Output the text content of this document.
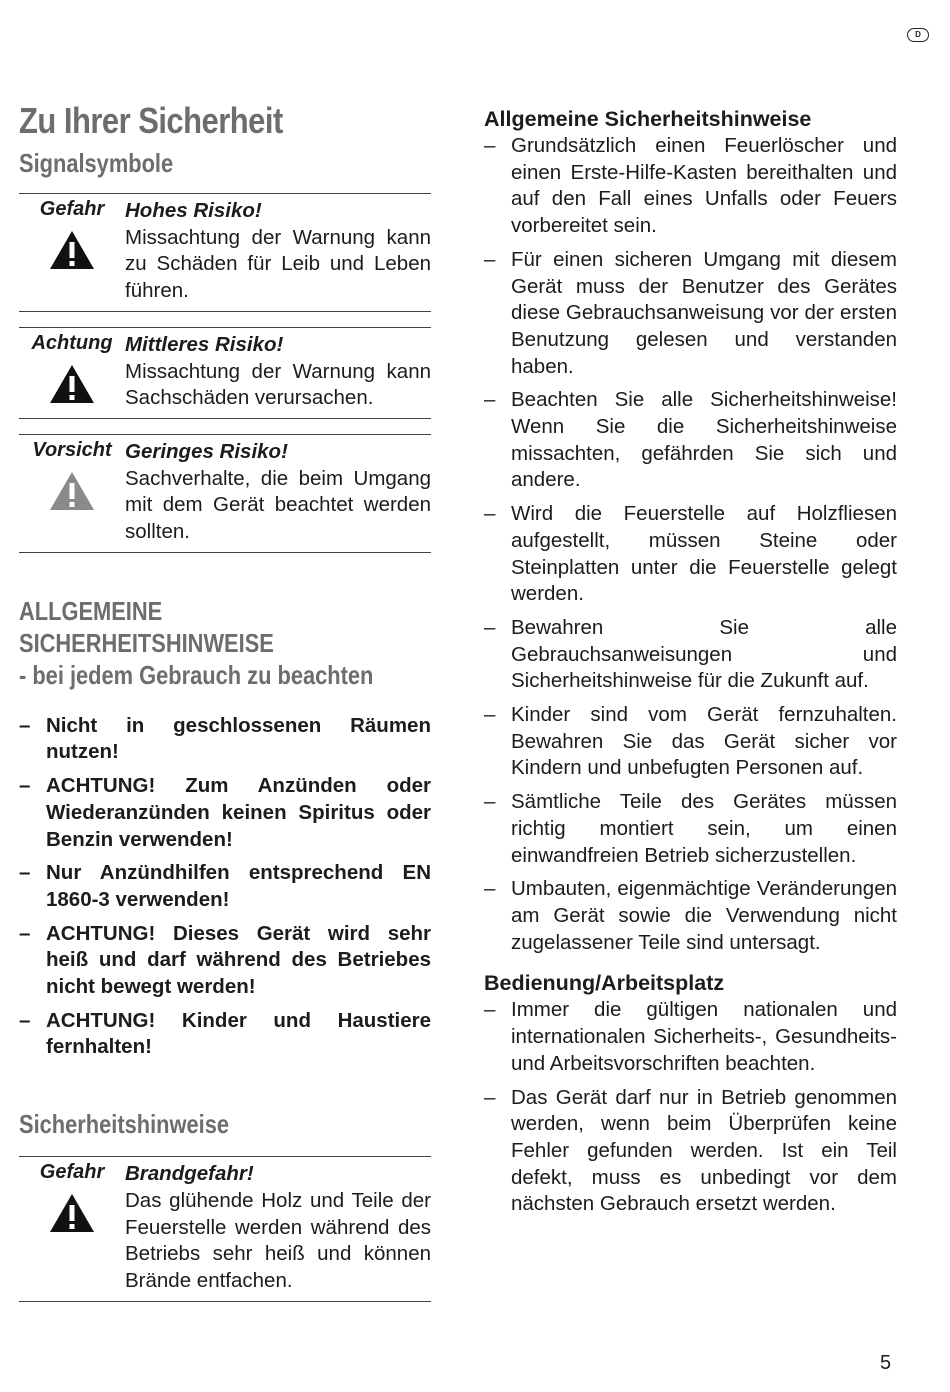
D
Zu Ihrer Sicherheit
Signalsymbole
Gefahr Hohes Risiko!
Missachtung der Warnung kann zu Schäden für Leib und Leben führen.
Achtung Mittleres Risiko!
Missachtung der Warnung kann Sachschäden verursachen.
Vorsicht Geringes Risiko!
Sachverhalte, die beim Umgang mit dem Gerät beachtet werden sollten.
ALLGEMEINE
SICHERHEITSHINWEISE
- bei jedem Gebrauch zu beachten
– Nicht in geschlossenen Räumen nutzen!
– ACHTUNG! Zum Anzünden oder Wiederanzünden keinen Spiritus oder Benzin verwenden!
– Nur Anzündhilfen entsprechend EN 1860-3 verwenden!
– ACHTUNG! Dieses Gerät wird sehr heiß und darf während des Betriebes nicht bewegt werden!
– ACHTUNG! Kinder und Haustiere fernhalten!
Sicherheitshinweise
Gefahr Brandgefahr!
Das glühende Holz und Teile der Feuerstelle werden während des Betriebs sehr heiß und können Brände entfachen.
Allgemeine Sicherheitshinweise
– Grundsätzlich einen Feuerlöscher und einen Erste-Hilfe-Kasten bereithalten und auf den Fall eines Unfalls oder Feuers vorbereitet sein.
– Für einen sicheren Umgang mit diesem Gerät muss der Benutzer des Gerätes diese Gebrauchsanweisung vor der ersten Benutzung gelesen und verstanden haben.
– Beachten Sie alle Sicherheitshinweise! Wenn Sie die Sicherheitshinweise missachten, gefährden Sie sich und andere.
– Wird die Feuerstelle auf Holzfliesen aufgestellt, müssen Steine oder Steinplatten unter die Feuerstelle gelegt werden.
– Bewahren Sie alle Gebrauchsanweisungen und Sicherheitshinweise für die Zukunft auf.
– Kinder sind vom Gerät fernzuhalten. Bewahren Sie das Gerät sicher vor Kindern und unbefugten Personen auf.
– Sämtliche Teile des Gerätes müssen richtig montiert sein, um einen einwandfreien Betrieb sicherzustellen.
– Umbauten, eigenmächtige Veränderungen am Gerät sowie die Verwendung nicht zugelassener Teile sind untersagt.
Bedienung/Arbeitsplatz
– Immer die gültigen nationalen und internationalen Sicherheits-, Gesundheits- und Arbeitsvorschriften beachten.
– Das Gerät darf nur in Betrieb genommen werden, wenn beim Überprüfen keine Fehler gefunden werden. Ist ein Teil defekt, muss es unbedingt vor dem nächsten Gebrauch ersetzt werden.
5
